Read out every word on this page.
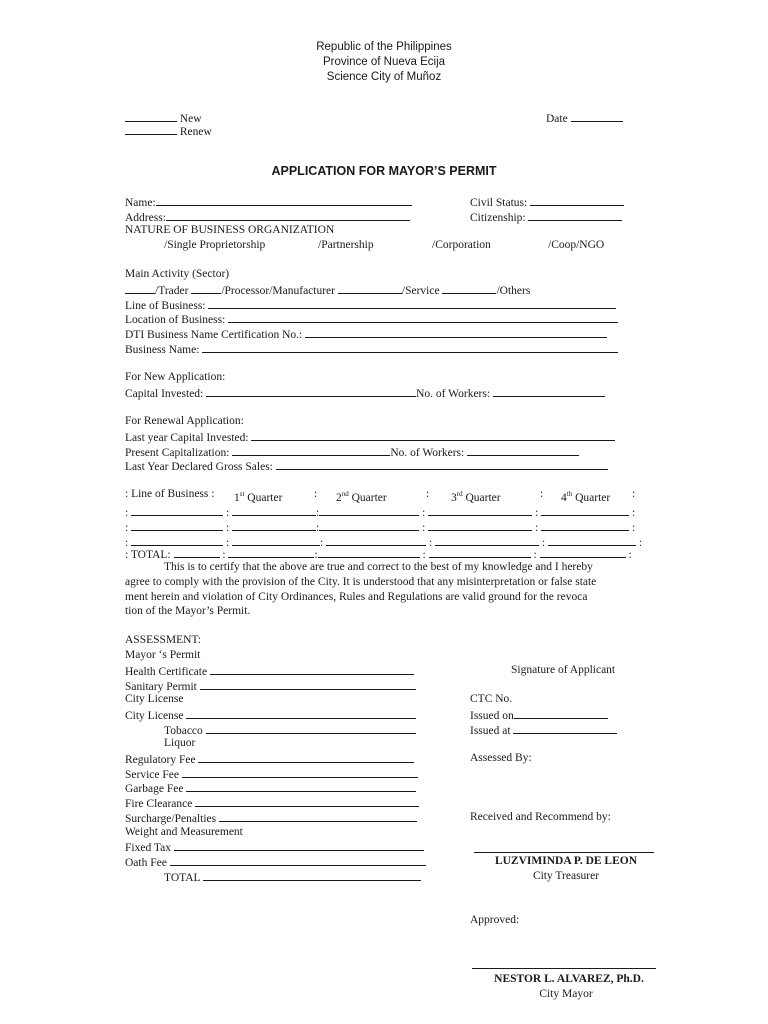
Republic of the Philippines
Province of Nueva Ecija
Science City of Muñoz
New
Renew
Date
APPLICATION FOR MAYOR’S PERMIT
Name:	Civil Status:
Address:	Citizenship:
NATURE OF BUSINESS ORGANIZATION
/Single Proprietorship	/Partnership	/Corporation	/Coop/NGO
Main Activity (Sector)
/Trader	/Processor/Manufacturer	/Service	/Others
Line of Business:
Location of Business:
DTI Business Name Certification No.:
Business Name:
For New Application:
Capital Invested:	No. of Workers:
For Renewal Application:
Last year Capital Invested:
Present Capitalization:	No. of Workers:
Last Year Declared Gross Sales:
: Line of Business : 1st Quarter	: 2nd Quarter	: 3rd Quarter	: 4th Quarter :
:	:	:	:	:	:
:	:	:	:	:	:
:	:	:	:	:	:
: TOTAL:	:	:	:	:	:
This is to certify that the above are true and correct to the best of my knowledge and I hereby
agree to comply with the provision of the City. It is understood that any misinterpretation or false state
ment herein and violation of City Ordinances, Rules and Regulations are valid ground for the revoca
tion of the Mayor’s Permit.
ASSESSMENT:
Mayor ‘s Permit
Health Certificate
Sanitary Permit
City License
City License
Tobacco
Liquor
Regulatory Fee
Service Fee
Garbage Fee
Fire Clearance
Surcharge/Penalties
Weight and Measurement
Fixed Tax
Oath Fee
TOTAL
Signature of Applicant
CTC No.
Issued on
Issued at
Assessed By:
Received and Recommend by:
LUZVIMINDA P. DE LEON
City Treasurer
Approved:
NESTOR L. ALVAREZ, Ph.D.
City Mayor
